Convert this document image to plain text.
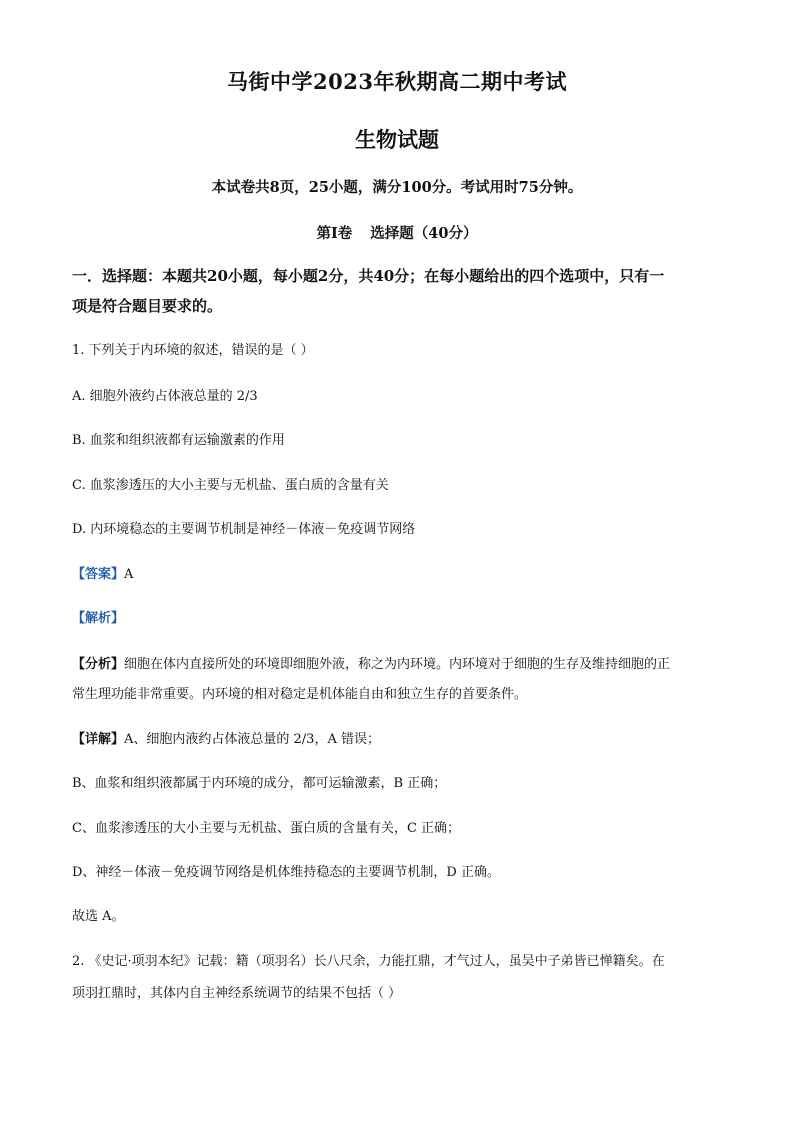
马街中学2023年秋期高二期中考试
生物试题
本试卷共8页，25小题，满分100分。考试用时75分钟。
第Ⅰ卷 选择题（40分）
一．选择题：本题共20小题，每小题2分，共40分；在每小题给出的四个选项中，只有一
项是符合题目要求的。
1. 下列关于内环境的叙述，错误的是（ ）
A. 细胞外液约占体液总量的 2/3
B. 血浆和组织液都有运输激素的作用
C. 血浆渗透压的大小主要与无机盐、蛋白质的含量有关
D. 内环境稳态的主要调节机制是神经－体液－免疫调节网络
【答案】A
【解析】
【分析】细胞在体内直接所处的环境即细胞外液，称之为内环境。内环境对于细胞的生存及维持细胞的正
常生理功能非常重要。内环境的相对稳定是机体能自由和独立生存的首要条件。
【详解】A、细胞内液约占体液总量的 2/3，A 错误；
B、血浆和组织液都属于内环境的成分，都可运输激素，B 正确；
C、血浆渗透压的大小主要与无机盐、蛋白质的含量有关，C 正确；
D、神经－体液－免疫调节网络是机体维持稳态的主要调节机制，D 正确。
故选 A。
2. 《史记·项羽本纪》记载：籍（项羽名）长八尺余，力能扛鼎，才气过人，虽吴中子弟皆已惮籍矣。在
项羽扛鼎时，其体内自主神经系统调节的结果不包括（ ）
